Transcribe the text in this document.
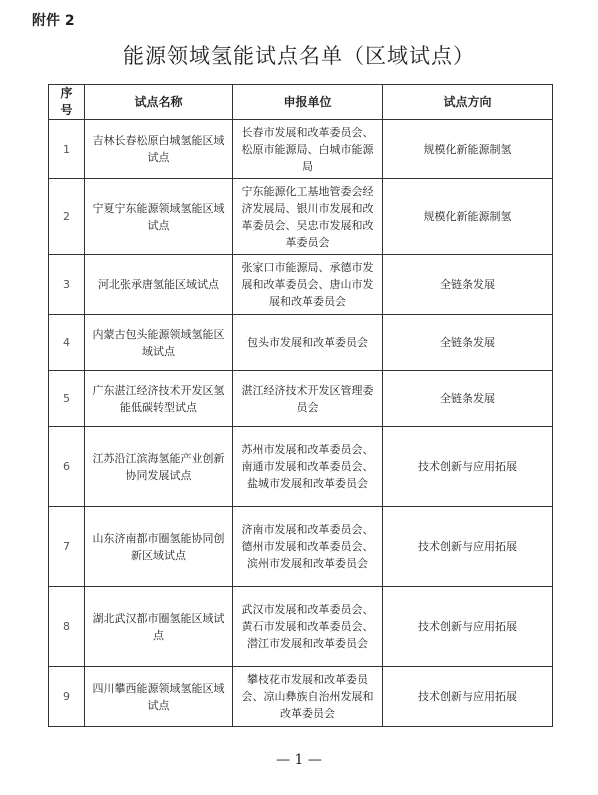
附件 2
能源领域氢能试点名单（区域试点）
序号	试点名称	申报单位	试点方向
1	吉林长春松原白城氢能区域试点	长春市发展和改革委员会、松原市能源局、白城市能源局	规模化新能源制氢
2	宁夏宁东能源领域氢能区域试点	宁东能源化工基地管委会经济发展局、银川市发展和改革委员会、吴忠市发展和改革委员会	规模化新能源制氢
3	河北张承唐氢能区域试点	张家口市能源局、承德市发展和改革委员会、唐山市发展和改革委员会	全链条发展
4	内蒙古包头能源领域氢能区域试点	包头市发展和改革委员会	全链条发展
5	广东湛江经济技术开发区氢能低碳转型试点	湛江经济技术开发区管理委员会	全链条发展
6	江苏沿江滨海氢能产业创新协同发展试点	苏州市发展和改革委员会、南通市发展和改革委员会、盐城市发展和改革委员会	技术创新与应用拓展
7	山东济南都市圈氢能协同创新区域试点	济南市发展和改革委员会、德州市发展和改革委员会、滨州市发展和改革委员会	技术创新与应用拓展
8	湖北武汉都市圈氢能区域试点	武汉市发展和改革委员会、黄石市发展和改革委员会、潜江市发展和改革委员会	技术创新与应用拓展
9	四川攀西能源领域氢能区域试点	攀枝花市发展和改革委员会、凉山彝族自治州发展和改革委员会	技术创新与应用拓展
— 1 —
